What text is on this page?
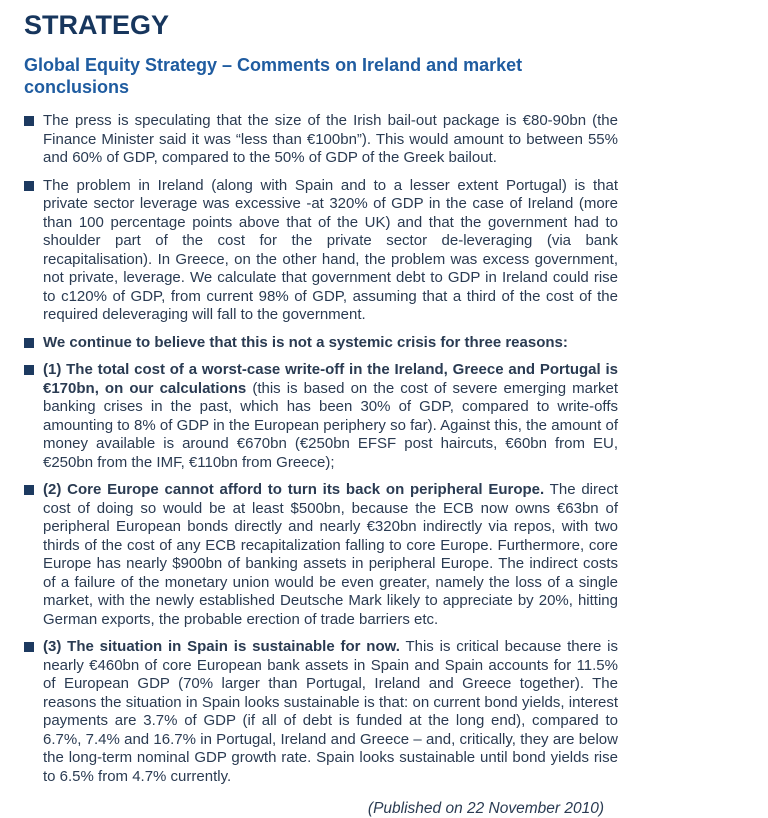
STRATEGY
Global Equity Strategy – Comments on Ireland and market conclusions

The press is speculating that the size of the Irish bail-out package is €80-90bn (the Finance Minister said it was “less than €100bn”). This would amount to between 55% and 60% of GDP, compared to the 50% of GDP of the Greek bailout.

The problem in Ireland (along with Spain and to a lesser extent Portugal) is that private sector leverage was excessive -at 320% of GDP in the case of Ireland (more than 100 percentage points above that of the UK) and that the government had to shoulder part of the cost for the private sector de-leveraging (via bank recapitalisation). In Greece, on the other hand, the problem was excess government, not private, leverage. We calculate that government debt to GDP in Ireland could rise to c120% of GDP, from current 98% of GDP, assuming that a third of the cost of the required deleveraging will fall to the government.

We continue to believe that this is not a systemic crisis for three reasons:

(1) The total cost of a worst-case write-off in the Ireland, Greece and Portugal is €170bn, on our calculations (this is based on the cost of severe emerging market banking crises in the past, which has been 30% of GDP, compared to write-offs amounting to 8% of GDP in the European periphery so far). Against this, the amount of money available is around €670bn (€250bn EFSF post haircuts, €60bn from EU, €250bn from the IMF, €110bn from Greece);

(2) Core Europe cannot afford to turn its back on peripheral Europe. The direct cost of doing so would be at least $500bn, because the ECB now owns €63bn of peripheral European bonds directly and nearly €320bn indirectly via repos, with two thirds of the cost of any ECB recapitalization falling to core Europe. Furthermore, core Europe has nearly $900bn of banking assets in peripheral Europe. The indirect costs of a failure of the monetary union would be even greater, namely the loss of a single market, with the newly established Deutsche Mark likely to appreciate by 20%, hitting German exports, the probable erection of trade barriers etc.

(3) The situation in Spain is sustainable for now. This is critical because there is nearly €460bn of core European bank assets in Spain and Spain accounts for 11.5% of European GDP (70% larger than Portugal, Ireland and Greece together). The reasons the situation in Spain looks sustainable is that: on current bond yields, interest payments are 3.7% of GDP (if all of debt is funded at the long end), compared to 6.7%, 7.4% and 16.7% in Portugal, Ireland and Greece – and, critically, they are below the long-term nominal GDP growth rate. Spain looks sustainable until bond yields rise to 6.5% from 4.7% currently.

(Published on 22 November 2010)
